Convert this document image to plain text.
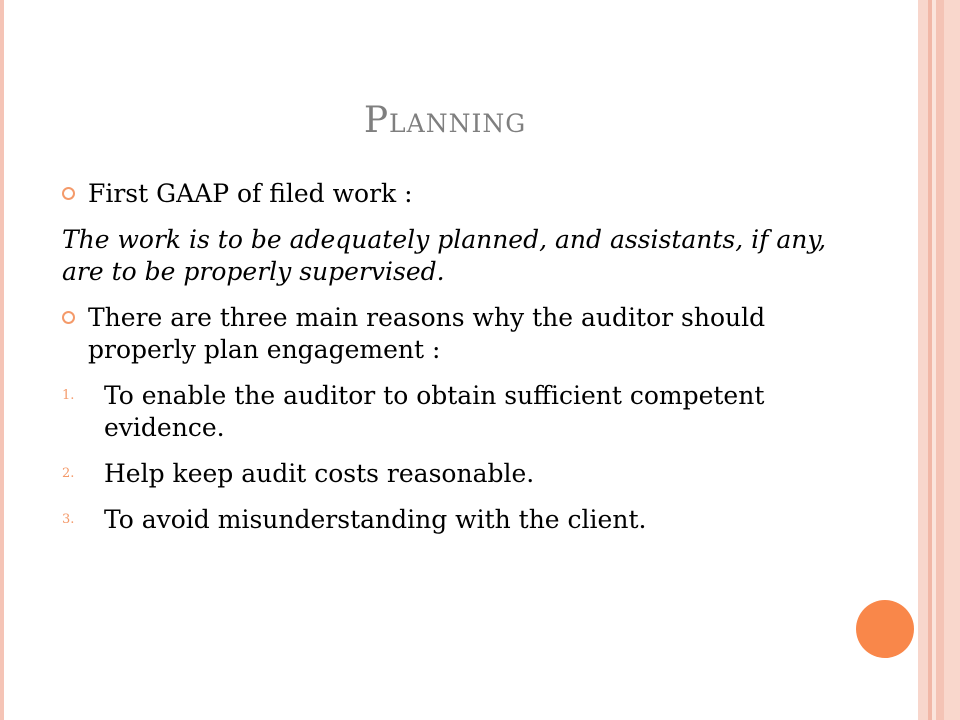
Planning
First GAAP of filed work :
The work is to be adequately planned, and assistants, if any, are to be properly supervised.
There are three main reasons why the auditor should properly plan engagement :
1. To enable the auditor to obtain sufficient competent evidence.
2. Help keep audit costs reasonable.
3. To avoid misunderstanding with the client.
